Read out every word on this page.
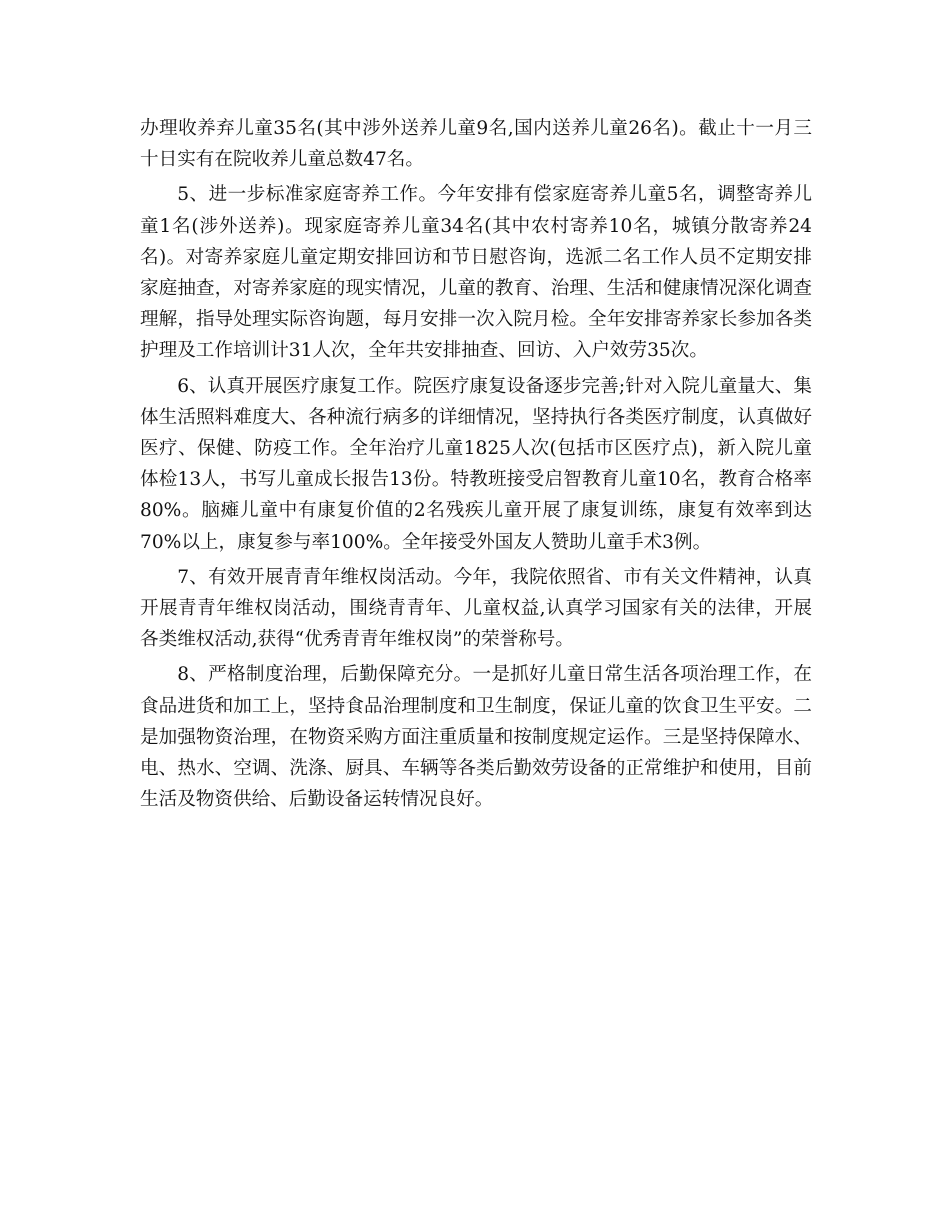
办理收养弃儿童35名(其中涉外送养儿童9名,国内送养儿童26名)。截止十一月三十日实有在院收养儿童总数47名。

5、进一步标准家庭寄养工作。今年安排有偿家庭寄养儿童5名，调整寄养儿童1名(涉外送养)。现家庭寄养儿童34名(其中农村寄养10名，城镇分散寄养24名)。对寄养家庭儿童定期安排回访和节日慰咨询，选派二名工作人员不定期安排家庭抽查，对寄养家庭的现实情况，儿童的教育、治理、生活和健康情况深化调查理解，指导处理实际咨询题，每月安排一次入院月检。全年安排寄养家长参加各类护理及工作培训计31人次，全年共安排抽查、回访、入户效劳35次。

6、认真开展医疗康复工作。院医疗康复设备逐步完善;针对入院儿童量大、集体生活照料难度大、各种流行病多的详细情况，坚持执行各类医疗制度，认真做好医疗、保健、防疫工作。全年治疗儿童1825人次(包括市区医疗点)，新入院儿童体检13人，书写儿童成长报告13份。特教班接受启智教育儿童10名，教育合格率80%。脑瘫儿童中有康复价值的2名残疾儿童开展了康复训练，康复有效率到达70%以上，康复参与率100%。全年接受外国友人赞助儿童手术3例。

7、有效开展青青年维权岗活动。今年，我院依照省、市有关文件精神，认真开展青青年维权岗活动，围绕青青年、儿童权益,认真学习国家有关的法律，开展各类维权活动,获得“优秀青青年维权岗”的荣誉称号。

8、严格制度治理，后勤保障充分。一是抓好儿童日常生活各项治理工作，在食品进货和加工上，坚持食品治理制度和卫生制度，保证儿童的饮食卫生平安。二是加强物资治理，在物资采购方面注重质量和按制度规定运作。三是坚持保障水、电、热水、空调、洗涤、厨具、车辆等各类后勤效劳设备的正常维护和使用，目前生活及物资供给、后勤设备运转情况良好。
